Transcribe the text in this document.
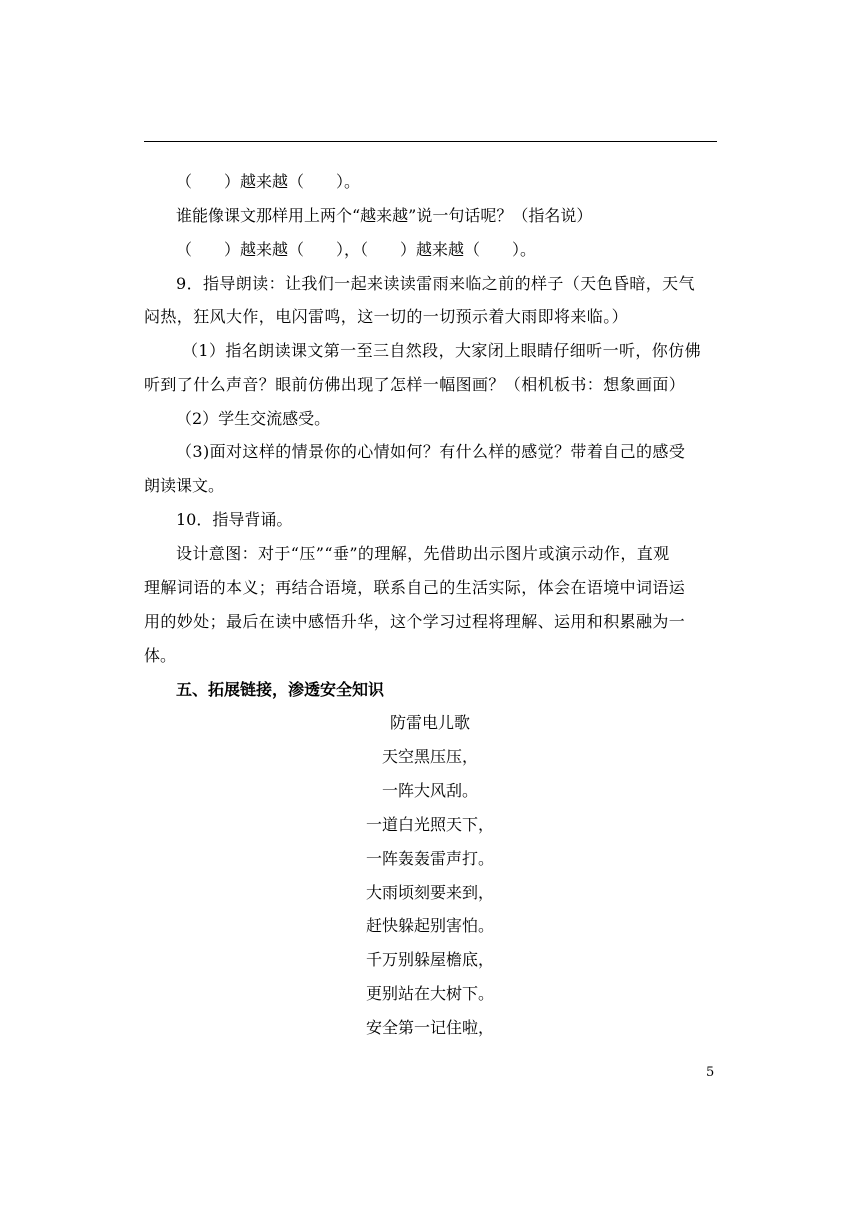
（　　）越来越（　　）。
谁能像课文那样用上两个“越来越”说一句话呢？（指名说）
（　　）越来越（　　），（　　）越来越（　　）。
9．指导朗读：让我们一起来读读雷雨来临之前的样子（天色昏暗，天气
闷热，狂风大作，电闪雷鸣，这一切的一切预示着大雨即将来临。）
（1）指名朗读课文第一至三自然段，大家闭上眼睛仔细听一听，你仿佛
听到了什么声音？眼前仿佛出现了怎样一幅图画？（相机板书：想象画面）
（2）学生交流感受。
（3)面对这样的情景你的心情如何？有什么样的感觉？带着自己的感受
朗读课文。
10．指导背诵。
设计意图：对于“压”“垂”的理解，先借助出示图片或演示动作，直观
理解词语的本义；再结合语境，联系自己的生活实际，体会在语境中词语运
用的妙处；最后在读中感悟升华，这个学习过程将理解、运用和积累融为一
体。
五、拓展链接，渗透安全知识
防雷电儿歌
天空黑压压，
一阵大风刮。
一道白光照天下，
一阵轰轰雷声打。
大雨顷刻要来到，
赶快躲起别害怕。
千万别躲屋檐底，
更别站在大树下。
安全第一记住啦，
5
